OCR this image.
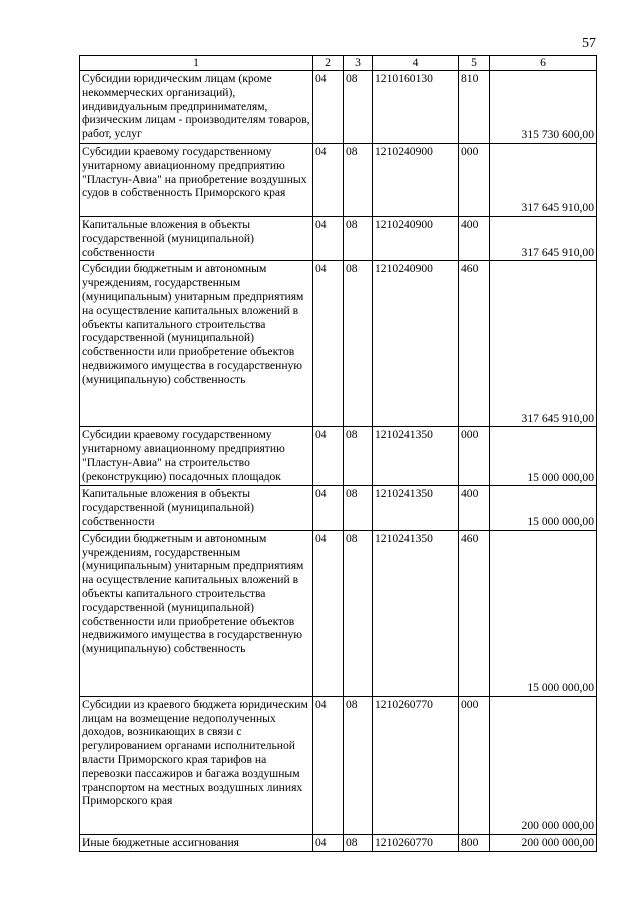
57
1	2	3	4	5	6
Субсидии юридическим лицам (кроме некоммерческих организаций), индивидуальным предпринимателям, физическим лицам - производителям товаров, работ, услуг	04	08	1210160130	810	315 730 600,00
Субсидии краевому государственному унитарному авиационному предприятию "Пластун-Авиа" на приобретение воздушных судов в собственность Приморского края	04	08	1210240900	000	317 645 910,00
Капитальные вложения в объекты государственной (муниципальной) собственности	04	08	1210240900	400	317 645 910,00
Субсидии бюджетным и автономным учреждениям, государственным (муниципальным) унитарным предприятиям на осуществление капитальных вложений в объекты капитального строительства государственной (муниципальной) собственности или приобретение объектов недвижимого имущества в государственную (муниципальную) собственность	04	08	1210240900	460	317 645 910,00
Субсидии краевому государственному унитарному авиационному предприятию "Пластун-Авиа" на строительство (реконструкцию) посадочных площадок	04	08	1210241350	000	15 000 000,00
Капитальные вложения в объекты государственной (муниципальной) собственности	04	08	1210241350	400	15 000 000,00
Субсидии бюджетным и автономным учреждениям, государственным (муниципальным) унитарным предприятиям на осуществление капитальных вложений в объекты капитального строительства государственной (муниципальной) собственности или приобретение объектов недвижимого имущества в государственную (муниципальную) собственность	04	08	1210241350	460	15 000 000,00
Субсидии из краевого бюджета юридическим лицам на возмещение недополученных доходов, возникающих в связи с регулированием органами исполнительной власти Приморского края тарифов на перевозки пассажиров и багажа воздушным транспортом на местных воздушных линиях Приморского края	04	08	1210260770	000	200 000 000,00
Иные бюджетные ассигнования	04	08	1210260770	800	200 000 000,00
